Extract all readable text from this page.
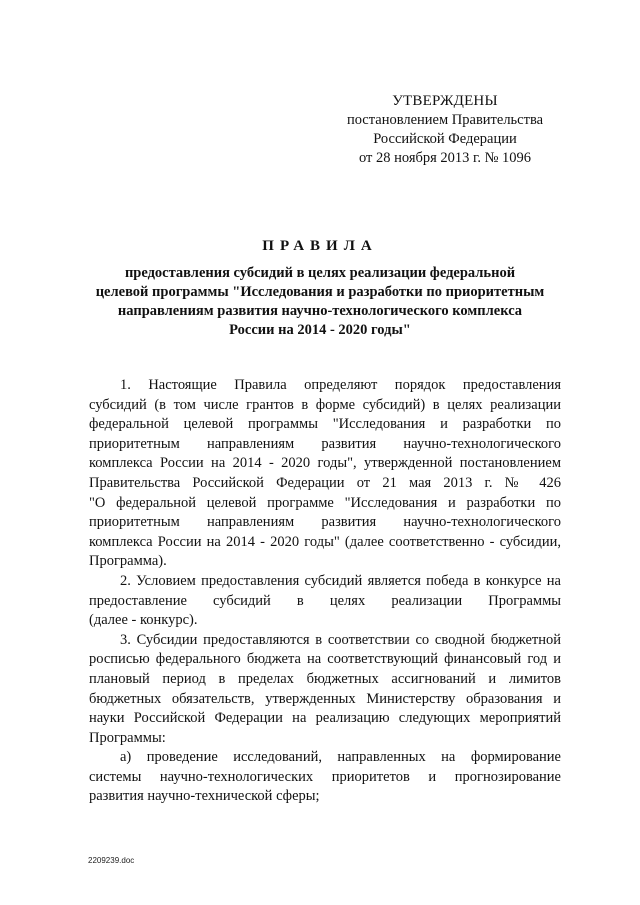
УТВЕРЖДЕНЫ
постановлением Правительства
Российской Федерации
от 28 ноября 2013 г. № 1096
ПРАВИЛА
предоставления субсидий в целях реализации федеральной
целевой программы "Исследования и разработки по приоритетным
направлениям развития научно-технологического комплекса
России на 2014 - 2020 годы"
1. Настоящие Правила определяют порядок предоставления
субсидий (в том числе грантов в форме субсидий) в целях реализации
федеральной целевой программы "Исследования и разработки по
приоритетным направлениям развития научно-технологического
комплекса России на 2014 - 2020 годы", утвержденной постановлением
Правительства Российской Федерации от 21 мая 2013 г. № 426
"О федеральной целевой программе "Исследования и разработки по
приоритетным направлениям развития научно-технологического
комплекса России на 2014 - 2020 годы" (далее соответственно - субсидии,
Программа).
2. Условием предоставления субсидий является победа в конкурсе на
предоставление субсидий в целях реализации Программы
(далее - конкурс).
3. Субсидии предоставляются в соответствии со сводной бюджетной
росписью федерального бюджета на соответствующий финансовый год и
плановый период в пределах бюджетных ассигнований и лимитов
бюджетных обязательств, утвержденных Министерству образования и
науки Российской Федерации на реализацию следующих мероприятий
Программы:
а) проведение исследований, направленных на формирование
системы научно-технологических приоритетов и прогнозирование
развития научно-технической сферы;
2209239.doc
